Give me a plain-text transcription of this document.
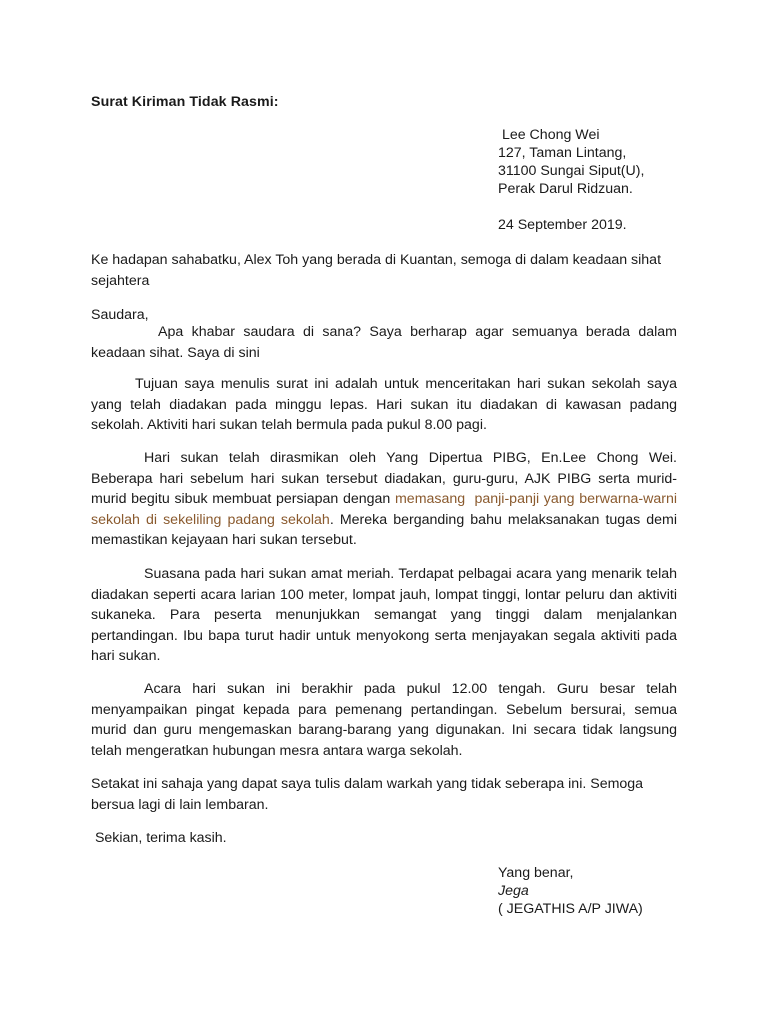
Surat Kiriman Tidak Rasmi:
Lee Chong Wei
127, Taman Lintang,
31100 Sungai Siput(U),
Perak Darul Ridzuan.
24 September 2019.

Ke hadapan sahabatku, Alex Toh yang berada di Kuantan, semoga di dalam keadaan sihat sejahtera

Saudara,

Apa khabar saudara di sana? Saya berharap agar semuanya berada dalam keadaan sihat. Saya di sini

Tujuan saya menulis surat ini adalah untuk menceritakan hari sukan sekolah saya yang telah diadakan pada minggu lepas. Hari sukan itu diadakan di kawasan padang sekolah. Aktiviti hari sukan telah bermula pada pukul 8.00 pagi.

Hari sukan telah dirasmikan oleh Yang Dipertua PIBG, En.Lee Chong Wei. Beberapa hari sebelum hari sukan tersebut diadakan, guru-guru, AJK PIBG serta murid-murid begitu sibuk membuat persiapan dengan memasang  panji-panji yang berwarna-warni sekolah di sekeliling padang sekolah. Mereka berganding bahu melaksanakan tugas demi memastikan kejayaan hari sukan tersebut.

Suasana pada hari sukan amat meriah. Terdapat pelbagai acara yang menarik telah diadakan seperti acara larian 100 meter, lompat jauh, lompat tinggi, lontar peluru dan aktiviti sukaneka. Para peserta menunjukkan semangat yang tinggi dalam menjalankan pertandingan. Ibu bapa turut hadir untuk menyokong serta menjayakan segala aktiviti pada hari sukan.

Acara hari sukan ini berakhir pada pukul 12.00 tengah. Guru besar telah menyampaikan pingat kepada para pemenang pertandingan. Sebelum bersurai, semua murid dan guru mengemaskan barang-barang yang digunakan. Ini secara tidak langsung telah mengeratkan hubungan mesra antara warga sekolah.

Setakat ini sahaja yang dapat saya tulis dalam warkah yang tidak seberapa ini. Semoga bersua lagi di lain lembaran.

Sekian, terima kasih.

Yang benar,
Jega
( JEGATHIS A/P JIWA)
